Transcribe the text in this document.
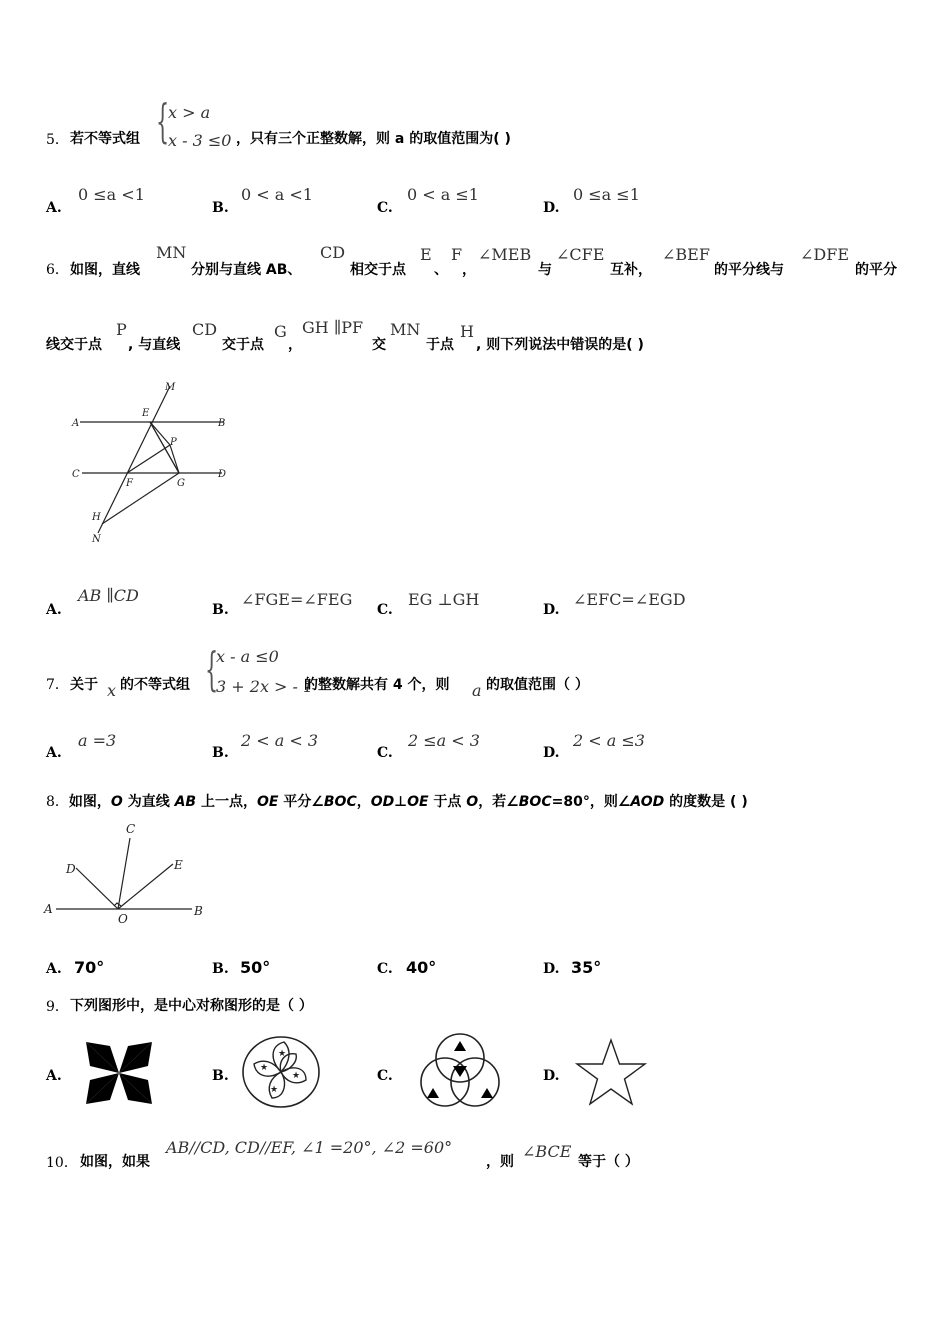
5． 若不等式组 {
x > a
x - 3 ≤0 ，只有三个正整数解，则 a 的取值范围为( )
A.
0 ≤a <1
B.
0 < a <1
C.
0 < a ≤1
D.
0 ≤a ≤1
6． 如图，直线
MN
分别与直线 AB、
CD
相交于点
E
、
F
，
∠MEB
与
∠CFE
互补，
∠BEF
的平分线与
∠DFE
的平分
线交于点
P
, 与直线
CD
交于点
G
，
GH ∥PF
交
MN
于点
H
, 则下列说法中错误的是( )
M
A
E
B
P
C
F	G
D
H
N
A.
AB ∥CD
B.
∠FGE=∠FEG
C.
EG ⊥GH
D.
∠EFC=∠EGD
7． 关于 x 的不等式组 {
x - a ≤0
3 + 2x > - 1
的整数解共有 4 个，则 a 的取值范围（ ）
A.
a =3
B.
2 < a < 3
C.
2 ≤a < 3
D.
2 < a ≤3
8．如图，O 为直线 AB 上一点，OE 平分∠BOC，OD⊥OE 于点 O，若∠BOC=80°，则∠AOD 的度数是 ( )
C
D	E
A
O
B
A. 70°	B. 50°	C. 40°	D. 35°
9． 下列图形中，是中心对称图形的是（ ）
A.	B.
★
★
★
★	C.	D.
10． 如图，如果
AB//CD, CD//EF, ∠1 =20°, ∠2 =60°
，则
∠BCE
等于（ ）
